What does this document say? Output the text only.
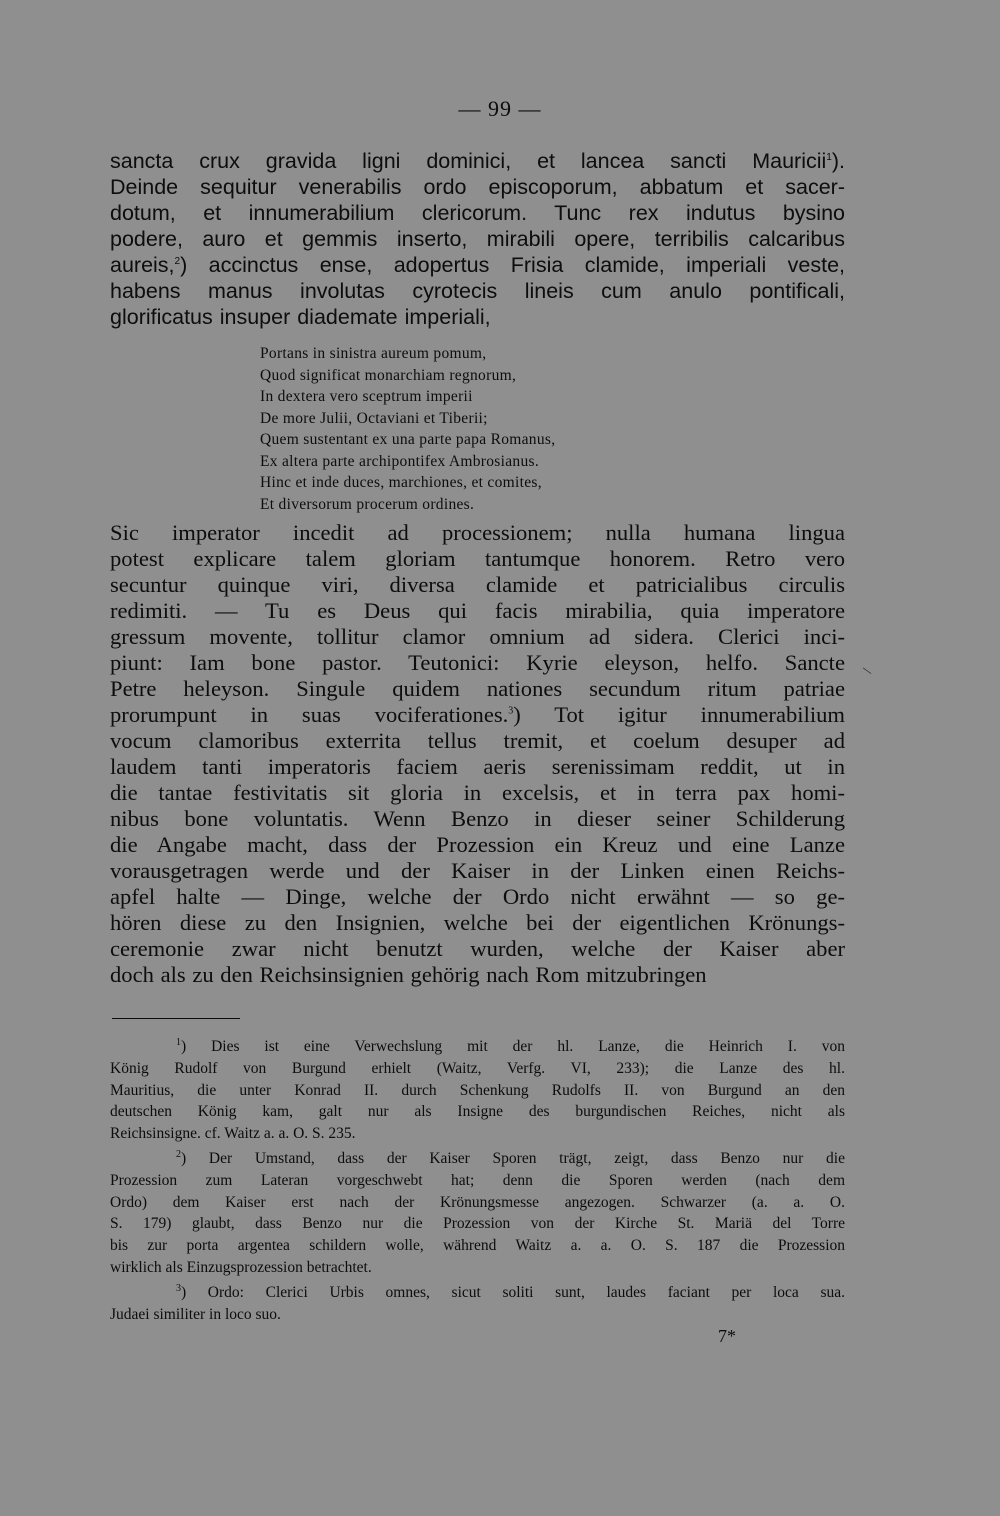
— 99 —
sancta crux gravida ligni dominici, et lancea sancti Mauricii$^1$).
Deinde sequitur venerabilis ordo episcoporum, abbatum et sacer-
dotum, et innumerabilium clericorum. Tunc rex indutus bysino
podere, auro et gemmis inserto, mirabili opere, terribilis calcaribus
aureis,$^2$) accinctus ense, adopertus Frisia clamide, imperiali veste,
habens manus involutas cyrotecis lineis cum anulo pontificali,
glorificatus insuper diademate imperiali,
Portans in sinistra aureum pomum,
Quod significat monarchiam regnorum,
In dextera vero sceptrum imperii
De more Julii, Octaviani et Tiberii;
Quem sustentant ex una parte papa Romanus,
Ex altera parte archipontifex Ambrosianus.
Hinc et inde duces, marchiones, et comites,
Et diversorum procerum ordines.
Sic imperator incedit ad processionem; nulla humana lingua
potest explicare talem gloriam tantumque honorem. Retro vero
secuntur quinque viri, diversa clamide et patricialibus circulis
redimiti. — Tu es Deus qui facis mirabilia, quia imperatore
gressum movente, tollitur clamor omnium ad sidera. Clerici inci-
piunt: Iam bone pastor. Teutonici: Kyrie eleyson, helfo. Sancte
Petre heleyson. Singule quidem nationes secundum ritum patriae
prorumpunt in suas vociferationes.$^3$) Tot igitur innumerabilium
vocum clamoribus exterrita tellus tremit, et coelum desuper ad
laudem tanti imperatoris faciem aeris serenissimam reddit, ut in
die tantae festivitatis sit gloria in excelsis, et in terra pax homi-
nibus bone voluntatis. Wenn Benzo in dieser seiner Schilderung
die Angabe macht, dass der Prozession ein Kreuz und eine Lanze
vorausgetragen werde und der Kaiser in der Linken einen Reichs-
apfel halte — Dinge, welche der Ordo nicht erwähnt — so ge-
hören diese zu den Insignien, welche bei der eigentlichen Krönungs-
ceremonie zwar nicht benutzt wurden, welche der Kaiser aber
doch als zu den Reichsinsignien gehörig nach Rom mitzubringen
\
$^1$) Dies ist eine Verwechslung mit der hl. Lanze, die Heinrich I. von
König Rudolf von Burgund erhielt (Waitz, Verfg. VI, 233); die Lanze des hl.
Mauritius, die unter Konrad II. durch Schenkung Rudolfs II. von Burgund an den
deutschen König kam, galt nur als Insigne des burgundischen Reiches, nicht als
Reichsinsigne. cf. Waitz a. a. O. S. 235.
$^2$) Der Umstand, dass der Kaiser Sporen trägt, zeigt, dass Benzo nur die
Prozession zum Lateran vorgeschwebt hat; denn die Sporen werden (nach dem
Ordo) dem Kaiser erst nach der Krönungsmesse angezogen. Schwarzer (a. a. O.
S. 179) glaubt, dass Benzo nur die Prozession von der Kirche St. Mariä del Torre
bis zur porta argentea schildern wolle, während Waitz a. a. O. S. 187 die Prozession
wirklich als Einzugsprozession betrachtet.
$^3$) Ordo: Clerici Urbis omnes, sicut soliti sunt, laudes faciant per loca sua.
Judaei similiter in loco suo.
7*
